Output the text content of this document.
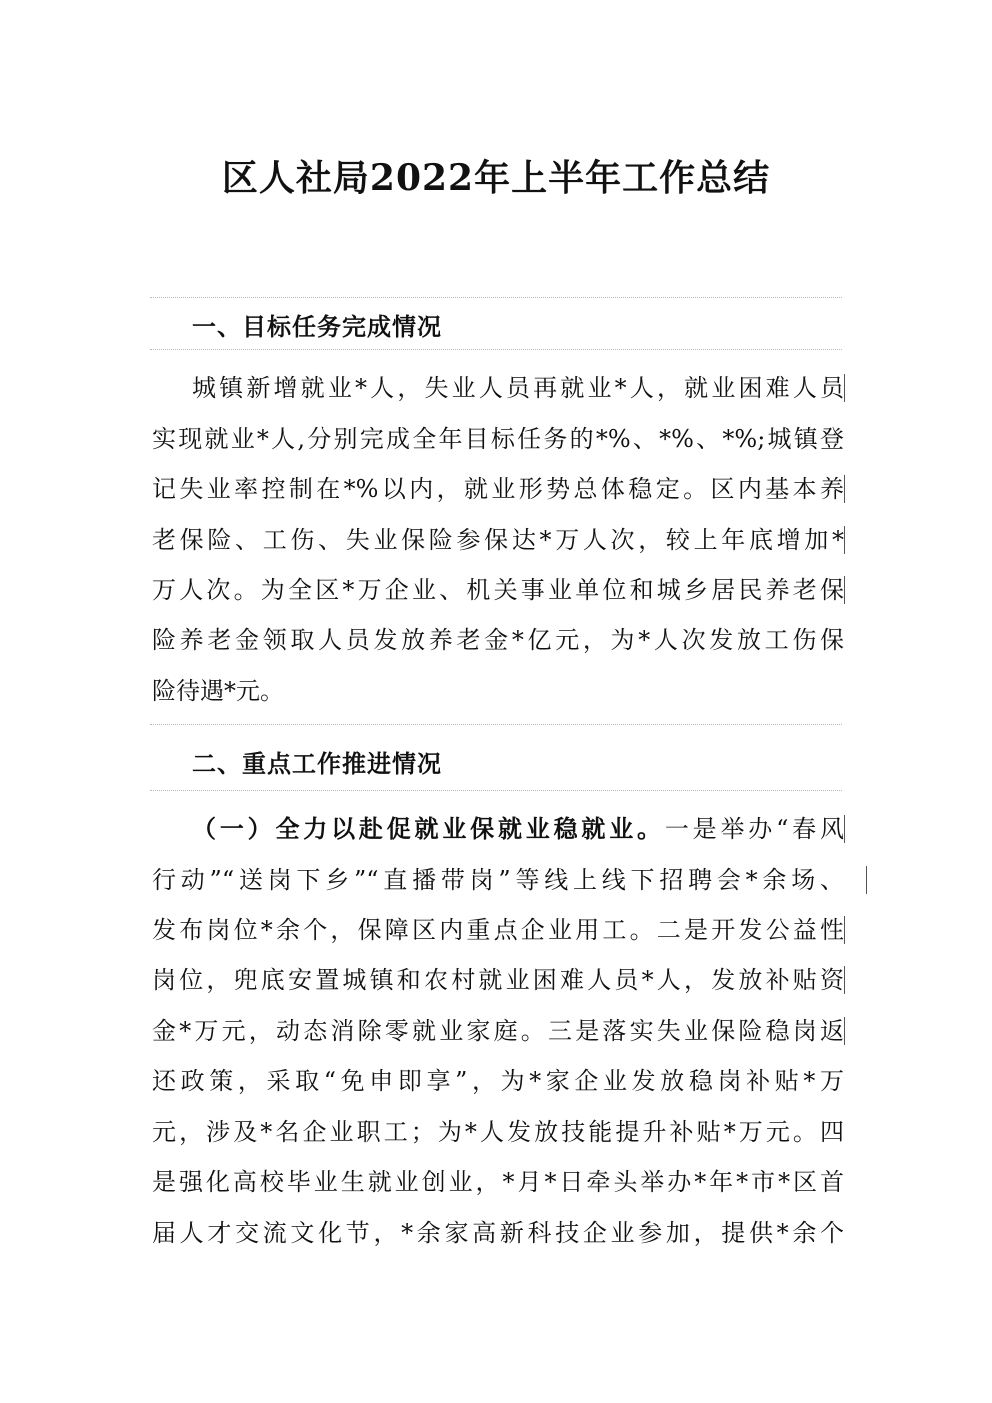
区人社局2022年上半年工作总结
一、目标任务完成情况
城镇新增就业*人，失业人员再就业*人，就业困难人员
实现就业*人,分别完成全年目标任务的*%、*%、*%;城镇登
记失业率控制在*%以内，就业形势总体稳定。区内基本养
老保险、工伤、失业保险参保达*万人次，较上年底增加*
万人次。为全区*万企业、机关事业单位和城乡居民养老保
险养老金领取人员发放养老金*亿元，为*人次发放工伤保
险待遇*元。
二、重点工作推进情况
（一）全力以赴促就业保就业稳就业。一是举办“春风
行动”“送岗下乡”“直播带岗”等线上线下招聘会*余场、
发布岗位*余个，保障区内重点企业用工。二是开发公益性
岗位，兜底安置城镇和农村就业困难人员*人，发放补贴资
金*万元，动态消除零就业家庭。三是落实失业保险稳岗返
还政策，采取“免申即享”，为*家企业发放稳岗补贴*万
元，涉及*名企业职工；为*人发放技能提升补贴*万元。四
是强化高校毕业生就业创业，*月*日牵头举办*年*市*区首
届人才交流文化节，*余家高新科技企业参加，提供*余个
